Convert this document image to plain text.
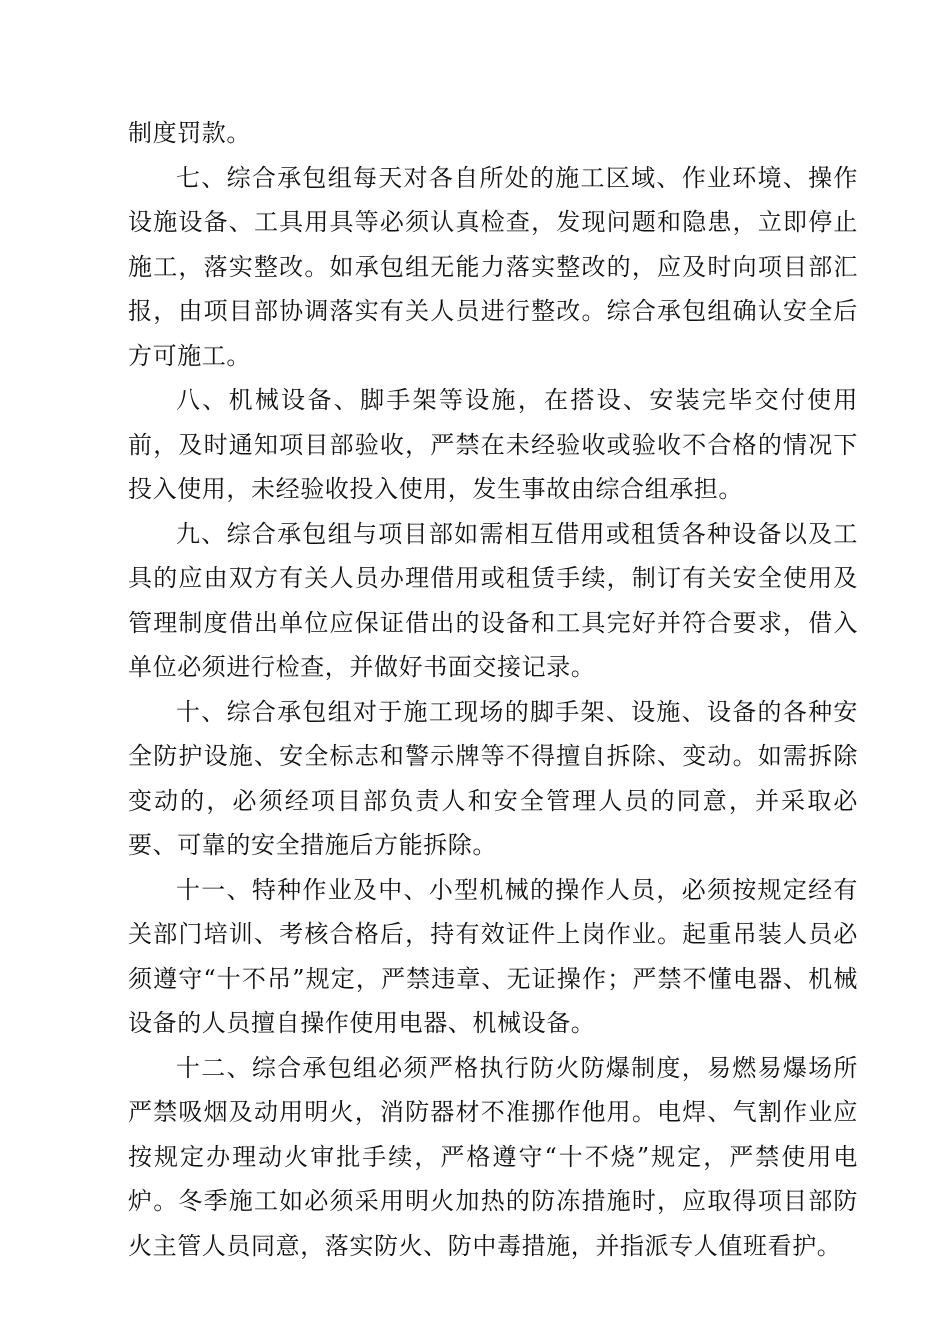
制度罚款。

七、综合承包组每天对各自所处的施工区域、作业环境、操作设施设备、工具用具等必须认真检查，发现问题和隐患，立即停止施工，落实整改。如承包组无能力落实整改的，应及时向项目部汇报，由项目部协调落实有关人员进行整改。综合承包组确认安全后方可施工。

八、机械设备、脚手架等设施，在搭设、安装完毕交付使用前，及时通知项目部验收，严禁在未经验收或验收不合格的情况下投入使用，未经验收投入使用，发生事故由综合组承担。

九、综合承包组与项目部如需相互借用或租赁各种设备以及工具的应由双方有关人员办理借用或租赁手续，制订有关安全使用及管理制度借出单位应保证借出的设备和工具完好并符合要求，借入单位必须进行检查，并做好书面交接记录。

十、综合承包组对于施工现场的脚手架、设施、设备的各种安全防护设施、安全标志和警示牌等不得擅自拆除、变动。如需拆除变动的，必须经项目部负责人和安全管理人员的同意，并采取必要、可靠的安全措施后方能拆除。

十一、特种作业及中、小型机械的操作人员，必须按规定经有关部门培训、考核合格后，持有效证件上岗作业。起重吊装人员必须遵守“十不吊”规定，严禁违章、无证操作；严禁不懂电器、机械设备的人员擅自操作使用电器、机械设备。

十二、综合承包组必须严格执行防火防爆制度，易燃易爆场所严禁吸烟及动用明火，消防器材不准挪作他用。电焊、气割作业应按规定办理动火审批手续，严格遵守“十不烧”规定，严禁使用电炉。冬季施工如必须采用明火加热的防冻措施时，应取得项目部防火主管人员同意，落实防火、防中毒措施，并指派专人值班看护。
